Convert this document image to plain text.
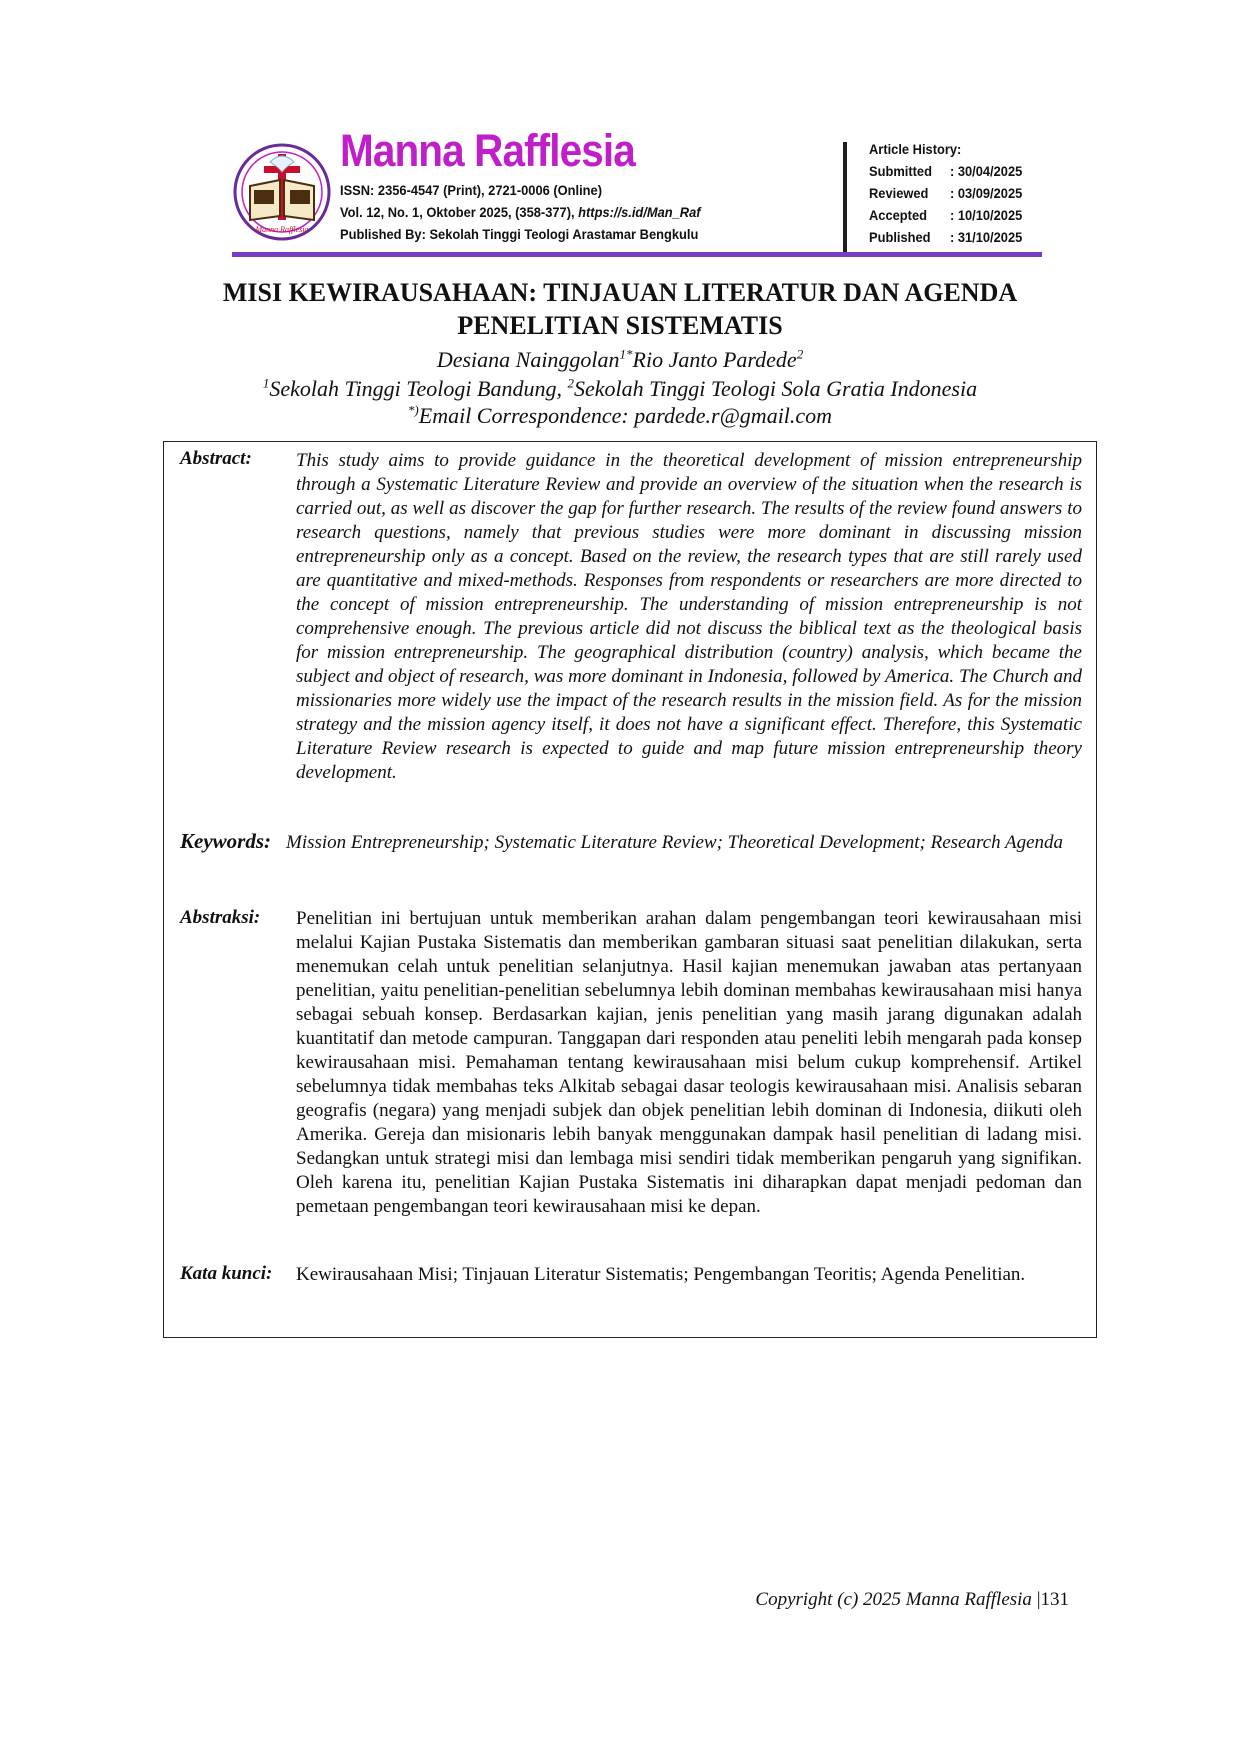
Manna Rafflesia
Manna Rafflesia
ISSN: 2356-4547 (Print), 2721-0006 (Online)
Vol. 12, No. 1, Oktober 2025, (358-377), https://s.id/Man_Raf
Published By: Sekolah Tinggi Teologi Arastamar Bengkulu
Article History:
Submitted : 30/04/2025
Reviewed : 03/09/2025
Accepted : 10/10/2025
Published : 31/10/2025
MISI KEWIRAUSAHAAN: TINJAUAN LITERATUR DAN AGENDA
PENELITIAN SISTEMATIS

Desiana Nainggolan$^{1*}$Rio Janto Pardede$^2$

$^1$Sekolah Tinggi Teologi Bandung, $^2$Sekolah Tinggi Teologi Sola Gratia Indonesia

*)Email Correspondence: pardede.r@gmail.com

Abstract: This study aims to provide guidance in the theoretical development of mission entrepreneurship through a Systematic Literature Review and provide an overview of the situation when the research is carried out, as well as discover the gap for further research. The results of the review found answers to research questions, namely that previous studies were more dominant in discussing mission entrepreneurship only as a concept. Based on the review, the research types that are still rarely used are quantitative and mixed-methods. Responses from respondents or researchers are more directed to the concept of mission entrepreneurship. The understanding of mission entrepreneurship is not comprehensive enough. The previous article did not discuss the biblical text as the theological basis for mission entrepreneurship. The geographical distribution (country) analysis, which became the subject and object of research, was more dominant in Indonesia, followed by America. The Church and missionaries more widely use the impact of the research results in the mission field. As for the mission strategy and the mission agency itself, it does not have a significant effect. Therefore, this Systematic Literature Review research is expected to guide and map future mission entrepreneurship theory development.

Keywords: Mission Entrepreneurship; Systematic Literature Review; Theoretical Development; Research Agenda

Abstraksi: Penelitian ini bertujuan untuk memberikan arahan dalam pengembangan teori kewirausahaan misi melalui Kajian Pustaka Sistematis dan memberikan gambaran situasi saat penelitian dilakukan, serta menemukan celah untuk penelitian selanjutnya. Hasil kajian menemukan jawaban atas pertanyaan penelitian, yaitu penelitian-penelitian sebelumnya lebih dominan membahas kewirausahaan misi hanya sebagai sebuah konsep. Berdasarkan kajian, jenis penelitian yang masih jarang digunakan adalah kuantitatif dan metode campuran. Tanggapan dari responden atau peneliti lebih mengarah pada konsep kewirausahaan misi. Pemahaman tentang kewirausahaan misi belum cukup komprehensif. Artikel sebelumnya tidak membahas teks Alkitab sebagai dasar teologis kewirausahaan misi. Analisis sebaran geografis (negara) yang menjadi subjek dan objek penelitian lebih dominan di Indonesia, diikuti oleh Amerika. Gereja dan misionaris lebih banyak menggunakan dampak hasil penelitian di ladang misi. Sedangkan untuk strategi misi dan lembaga misi sendiri tidak memberikan pengaruh yang signifikan. Oleh karena itu, penelitian Kajian Pustaka Sistematis ini diharapkan dapat menjadi pedoman dan pemetaan pengembangan teori kewirausahaan misi ke depan.

Kata kunci:	Kewirausahaan Misi; Tinjauan Literatur Sistematis; Pengembangan Teoritis; Agenda Penelitian.

Copyright (c) 2025 Manna Rafflesia |131
